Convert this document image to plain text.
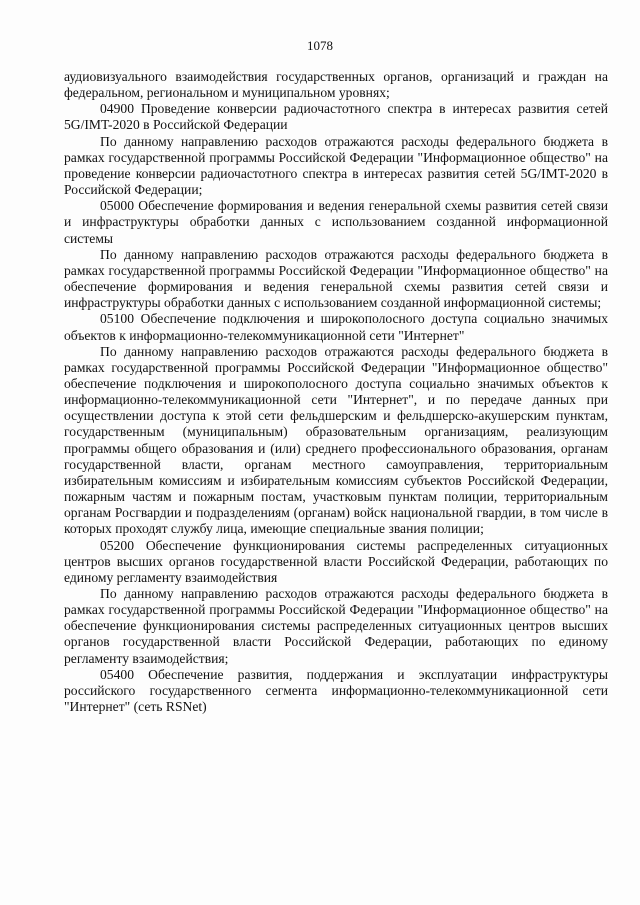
1078

аудиовизуального взаимодействия государственных органов, организаций и граждан на федеральном, региональном и муниципальном уровнях;

04900 Проведение конверсии радиочастотного спектра в интересах развития сетей 5G/IMT-2020 в Российской Федерации

По данному направлению расходов отражаются расходы федерального бюджета в рамках государственной программы Российской Федерации "Информационное общество" на проведение конверсии радиочастотного спектра в интересах развития сетей 5G/IMT-2020 в Российской Федерации;

05000 Обеспечение формирования и ведения генеральной схемы развития сетей связи и инфраструктуры обработки данных с использованием созданной информационной системы

По данному направлению расходов отражаются расходы федерального бюджета в рамках государственной программы Российской Федерации "Информационное общество" на обеспечение формирования и ведения генеральной схемы развития сетей связи и инфраструктуры обработки данных с использованием созданной информационной системы;

05100 Обеспечение подключения и широкополосного доступа социально значимых объектов к информационно-телекоммуникационной сети "Интернет"

По данному направлению расходов отражаются расходы федерального бюджета в рамках государственной программы Российской Федерации "Информационное общество" обеспечение подключения и широкополосного доступа социально значимых объектов к информационно-телекоммуникационной сети "Интернет", и по передаче данных при осуществлении доступа к этой сети фельдшерским и фельдшерско-акушерским пунктам, государственным (муниципальным) образовательным организациям, реализующим программы общего образования и (или) среднего профессионального образования, органам государственной власти, органам местного самоуправления, территориальным избирательным комиссиям и избирательным комиссиям субъектов Российской Федерации, пожарным частям и пожарным постам, участковым пунктам полиции, территориальным органам Росгвардии и подразделениям (органам) войск национальной гвардии, в том числе в которых проходят службу лица, имеющие специальные звания полиции;

05200 Обеспечение функционирования системы распределенных ситуационных центров высших органов государственной власти Российской Федерации, работающих по единому регламенту взаимодействия

По данному направлению расходов отражаются расходы федерального бюджета в рамках государственной программы Российской Федерации "Информационное общество" на обеспечение функционирования системы распределенных ситуационных центров высших органов государственной власти Российской Федерации, работающих по единому регламенту взаимодействия;

05400 Обеспечение развития, поддержания и эксплуатации инфраструктуры российского государственного сегмента информационно-телекоммуникационной сети "Интернет" (сеть RSNet)
